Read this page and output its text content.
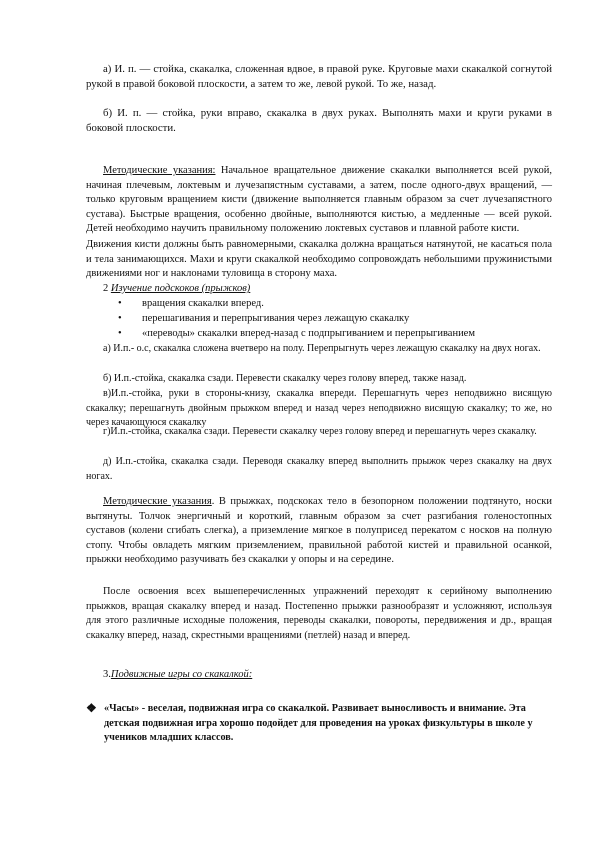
а) И. п. — стойка, скакалка, сложенная вдвое, в правой руке. Круговые махи скакалкой согнутой рукой в правой боковой плоскости, а затем то же, левой рукой. То же, назад.

б) И. п. — стойка, руки вправо, скакалка в двух руках. Выполнять махи и круги руками в боковой плоскости.

Методические указания: Начальное вращательное движение скакалки выполняется всей рукой, начиная плечевым, локтевым и лучезапястным суставами, а затем, после одного-двух вращений, — только круговым вращением кисти (движение выполняется главным образом за счет лучезапястного сустава). Быстрые вращения, особенно двойные, выполняются кистью, а медленные — всей рукой. Детей необходимо научить правильному положению локтевых суставов и плавной работе кисти.

Движения кисти должны быть равномерными, скакалка должна вращаться натянутой, не касаться пола и тела занимающихся. Махи и круги скакалкой необходимо сопровождать небольшими пружинистыми движениями ног и наклонами туловища в сторону маха.

2 Изучение подскоков (прыжков)

•	вращения скакалки вперед.
•	перешагивания и перепрыгивания через лежащую скакалку
•	«переводы» скакалки вперед-назад с подпрыгиванием и перепрыгиванием

а) И.п.- о.с, скакалка сложена вчетверо на полу. Перепрыгнуть через лежащую скакалку на двух ногах.

б) И.п.-стойка, скакалка сзади. Перевести скакалку через голову вперед, также назад.

в)И.п.-стойка, руки в стороны-книзу, скакалка впереди. Перешагнуть через неподвижно висящую скакалку; перешагнуть двойным прыжком вперед и назад через неподвижно висящую скакалку; то же, но через качающуюся скакалку

г)И.п.-стойка, скакалка сзади. Перевести скакалку через голову вперед и перешагнуть через скакалку.

д) И.п.-стойка, скакалка сзади. Переводя скакалку вперед выполнить прыжок через скакалку на двух ногах.

Методические указания. В прыжках, подскоках тело в безопорном положении подтянуто, носки вытянуты. Толчок энергичный и короткий, главным образом за счет разгибания голеностопных суставов (колени сгибать слегка), а приземление мягкое в полуприсед перекатом с носков на полную стопу. Чтобы овладеть мягким приземлением, правильной работой кистей и правильной осанкой, прыжки необходимо разучивать без скакалки у опоры и на середине.

После освоения всех вышеперечисленных упражнений переходят к серийному выполнению прыжков, вращая скакалку вперед и назад. Постепенно прыжки разнообразят и усложняют, используя для этого различные исходные положения, переводы скакалки, повороты, передвижения и др., вращая скакалку вперед, назад, скрестными вращениями (петлей) назад и вперед.

3.Подвижные игры со скакалкой:

❖ «Часы» - веселая, подвижная игра со скакалкой. Развивает выносливость и внимание. Эта детская подвижная игра хорошо подойдет для проведения на уроках физкультуры в школе у учеников младших классов.
